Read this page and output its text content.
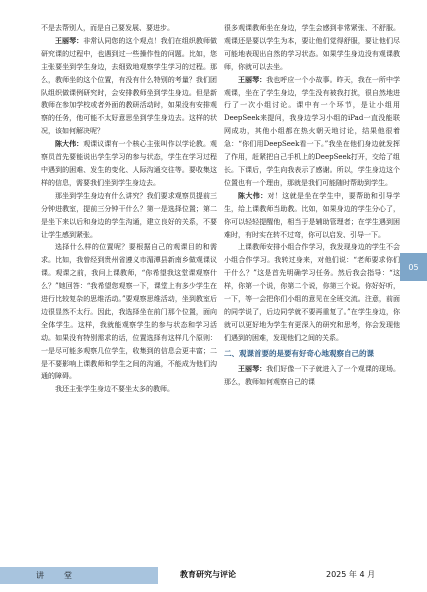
不是去帮别人，而是自己要发展、要进步。

王丽琴：非常认同您的这个观点！我们在组织教师做研究课的过程中，也遇到过一些操作性的问题。比如，您主张要坐到学生身边，去细致地观察学生学习的过程。那么，教师坐的这个位置，有没有什么特别的考量？我们团队组织做课例研究时，会安排教师坐到学生身边。但是新教师在参加学校或者外面的教研活动时，如果没有安排观察的任务，他可能不太好意思坐到学生身边去。这样的状况，该如何解决呢？

陈大伟：观课议课有一个核心主张叫作以学论教。观察员首先要能说出学生学习的参与状态，学生在学习过程中遇到的困难、发生的变化、人际沟通交往等。要收集这样的信息，需要我们坐到学生身边去。

那坐到学生身边有什么讲究？我们要求观察员提前三分钟进教室，提前三分钟干什么？第一是选择位置；第二是坐下来以后和身边的学生沟通，建立良好的关系，不要让学生感到紧张。

选择什么样的位置呢？要根据自己的观课目的和需求。比如，我曾经到贵州省遵义市湄潭县新南乡做观课议课。观课之前，我问上课教师，“你希望我这堂课观察什么？”她回答：“我希望您观察一下，课堂上有多少学生在进行比较复杂的思维活动。”要观察思维活动，坐到教室后边很显然不太行。因此，我选择坐在前门那个位置，面向全体学生。这样，我就能观察学生的参与状态和学习活动。如果没有特别需求的话，位置选择有这样几个原则：一是尽可能多观察几位学生，收集到的信息会更丰富；二是不要影响上课教师和学生之间的沟通，不能成为他们沟通的障碍。

我还主张学生身边不要坐太多的教师。

很多观课教师坐在身边，学生会感到非常紧张、不舒服。观课还是要以学生为本，要让他们觉得舒服，要让他们尽可能地表现出自然的学习状态。如果学生身边没有观课教师，你就可以去坐。

王丽琴：我也呼应一个小故事。昨天，我在一所中学观课，坐在了学生身边，学生没有被我打扰，很自然地进行了一次小组讨论。课中有一个环节，是让小组用DeepSeek来提问，我身边学习小组的iPad一直没能联网成功，其他小组都在热火朝天地讨论，结果他很着急：“你们用DeepSeek看一下。”我坐在他们身边就发挥了作用，赶紧把自己手机上的DeepSeek打开，交给了组长。下课后，学生向我表示了感谢。所以，学生身边这个位置也有一个理由，那就是我们可能随时帮助到学生。

陈大伟：对！这就是坐在学生中，要帮助和引导学生，给上课教师当助教。比如，如果身边的学生分心了，你可以轻轻提醒他，相当于是辅助管理者；在学生遇到困难时，有时实在转不过弯，你可以启发、引导一下。

上课教师安排小组合作学习，我发现身边的学生不会小组合作学习。我转过身来，对他们说：“老师要求你们干什么？”这是首先明确学习任务。然后我会指导：“这样，你第一个说，你第二个说，你第三个说。你好好听，一下，等一会把你们小组的意见在全班交流。注意，前面的同学说了，后边同学就不要再重复了。”在学生身边，你就可以更好地为学生有更深入的研究和思考，你会发现他们遇到的困难，发现他们之间的关系。

二、观课首要的是要有好奇心地观察自己的课

王丽琴：我们好像一下子就进入了一个观课的现场。那么，教师如何观察自己的课

05
讲　堂	教育研究与评论	2025 年 4 月
